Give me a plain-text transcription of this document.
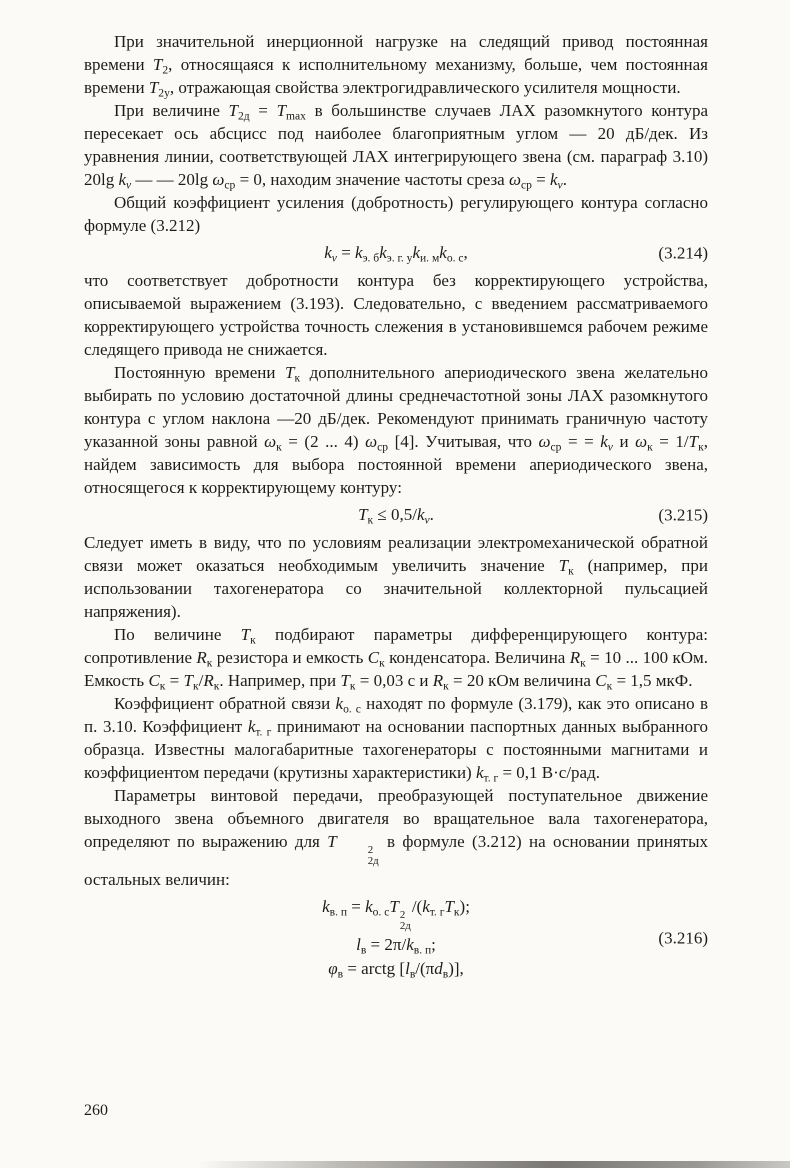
При значительной инерционной нагрузке на следящий привод постоянная времени $T_2$, относящаяся к исполнительному механизму, больше, чем постоянная времени $T_{2у}$, отражающая свойства электрогидравлического усилителя мощности.

При величине $T_{2д} = T_{max}$ в большинстве случаев ЛАХ разомкнутого контура пересекает ось абсцисс под наиболее благоприятным углом — 20 дБ/дек. Из уравнения линии, соответствующей ЛАХ интегрирующего звена (см. параграф 3.10) 20lg $k_v$ — — 20lg $\omega_{ср} = 0$, находим значение частоты среза $\omega_{ср} = k_v$.

Общий коэффициент усиления (добротность) регулирующего контура согласно формуле (3.212)

$k_v = k_{э. б}k_{э. г. у}k_{и. м}k_{о. с}$,	(3.214)

что соответствует добротности контура без корректирующего устройства, описываемой выражением (3.193). Следовательно, с введением рассматриваемого корректирующего устройства точность слежения в установившемся рабочем режиме следящего привода не снижается.

Постоянную времени $T_к$ дополнительного апериодического звена желательно выбирать по условию достаточной длины среднечастотной зоны ЛАХ разомкнутого контура с углом наклона —20 дБ/дек. Рекомендуют принимать граничную частоту указанной зоны равной $\omega_к = (2$ ... 4) $\omega_{ср}$ [4]. Учитывая, что $\omega_{ср}$ = = $k_v$ и $\omega_к = 1/T_к$, найдем зависимость для выбора постоянной времени апериодического звена, относящегося к корректирующему контуру:

$T_к \le 0,5/k_v$.	(3.215)

Следует иметь в виду, что по условиям реализации электромеханической обратной связи может оказаться необходимым увеличить значение $T_к$ (например, при использовании тахогенератора со значительной коллекторной пульсацией напряжения).

По величине $T_к$ подбирают параметры дифференцирующего контура: сопротивление $R_к$ резистора и емкость $C_к$ конденсатора. Величина $R_к = 10$ ... 100 кОм. Емкость $C_к = T_к/R_к$. Например, при $T_к = 0,03$ с и $R_к = 20$ кОм величина $C_к = 1,5$ мкФ.

Коэффициент обратной связи $k_{о. с}$ находят по формуле (3.179), как это описано в п. 3.10. Коэффициент $k_{т. г}$ принимают на основании паспортных данных выбранного образца. Известны малогабаритные тахогенераторы с постоянными магнитами и коэффициентом передачи (крутизны характеристики) $k_{т. г} = 0,1$ В·с/рад.

Параметры винтовой передачи, преобразующей поступательное движение выходного звена объемного двигателя во вращательное вала тахогенератора, определяют по выражению для T	2
2д
в формуле (3.212) на основании принятых остальных величин:

$k_{в. п} = k_{о. с}T$ 2
2д
$/(k_{т. г}T_к)$;
$l_в = 2\pi/k_{в. п}$;
$\varphi_в$ = arctg $[l_в/(\pi d_в)]$,
(3.216)
260
